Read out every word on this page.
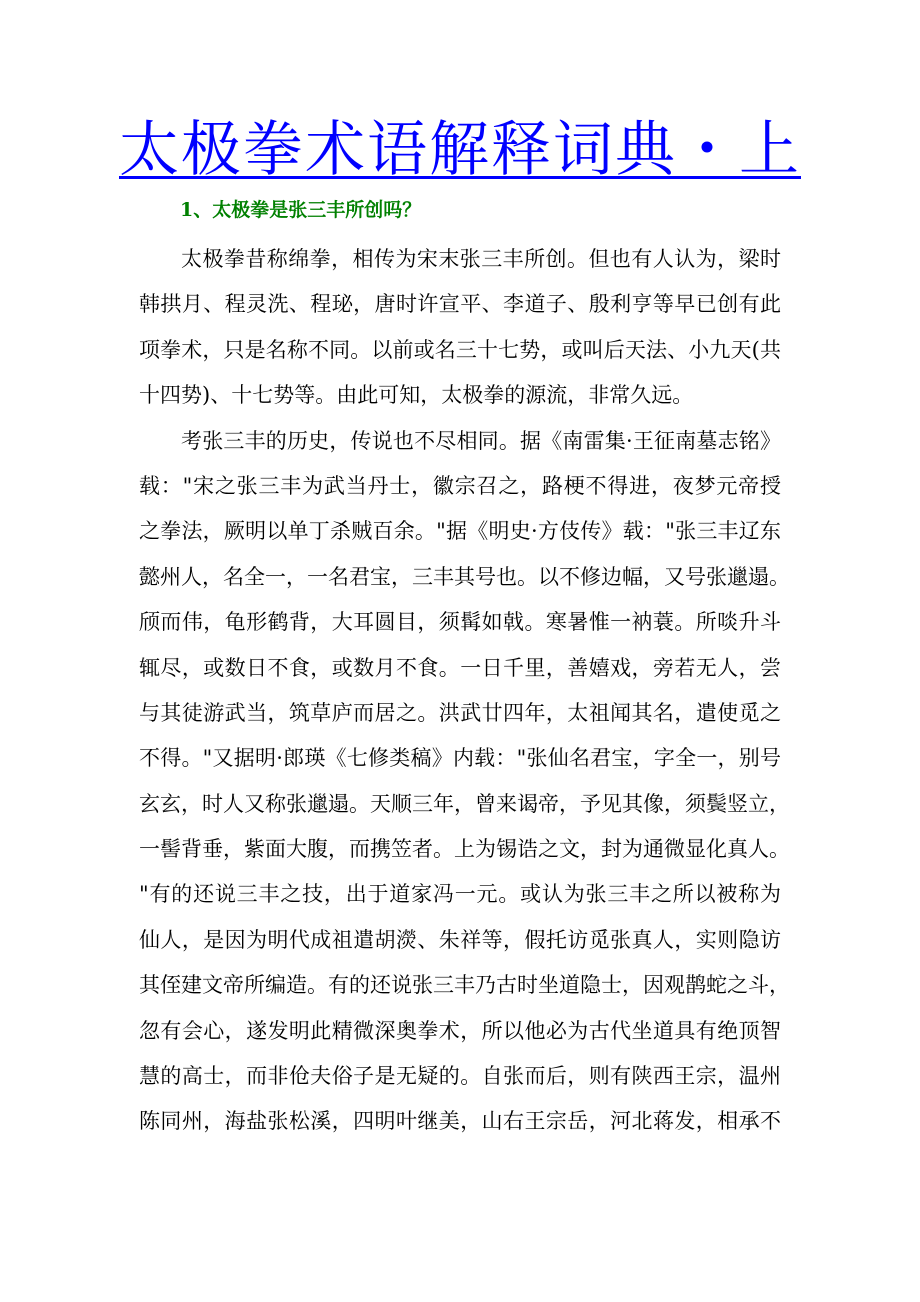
太极拳术语解释词典・上
1、太极拳是张三丰所创吗？
太极拳昔称绵拳，相传为宋末张三丰所创。但也有人认为，梁时
韩拱月、程灵洗、程珌，唐时许宣平、李道子、殷利亨等早已创有此
项拳术，只是名称不同。以前或名三十七势，或叫后天法、小九天(共
十四势)、十七势等。由此可知，太极拳的源流，非常久远。
考张三丰的历史，传说也不尽相同。据《南雷集·王征南墓志铭》
载："宋之张三丰为武当丹士，徽宗召之，路梗不得进，夜梦元帝授
之拳法，厥明以单丁杀贼百余。"据《明史·方伎传》载："张三丰辽东
懿州人，名全一，一名君宝，三丰其号也。以不修边幅，又号张邋遢。
颀而伟，龟形鹤背，大耳圆目，须髯如戟。寒暑惟一衲蓑。所啖升斗
辄尽，或数日不食，或数月不食。一日千里，善嬉戏，旁若无人，尝
与其徒游武当，筑草庐而居之。洪武廿四年，太祖闻其名，遣使觅之
不得。"又据明·郎瑛《七修类稿》内载："张仙名君宝，字全一，别号
玄玄，时人又称张邋遢。天顺三年，曾来谒帝，予见其像，须鬓竖立，
一髻背垂，紫面大腹，而携笠者。上为锡诰之文，封为通微显化真人。
"有的还说三丰之技，出于道家冯一元。或认为张三丰之所以被称为
仙人，是因为明代成祖遣胡濙、朱祥等，假托访觅张真人，实则隐访
其侄建文帝所编造。有的还说张三丰乃古时坐道隐士，因观鹊蛇之斗，
忽有会心，遂发明此精微深奥拳术，所以他必为古代坐道具有绝顶智
慧的高士，而非伧夫俗子是无疑的。自张而后，则有陕西王宗，温州
陈同州，海盐张松溪，四明叶继美，山右王宗岳，河北蒋发，相承不
